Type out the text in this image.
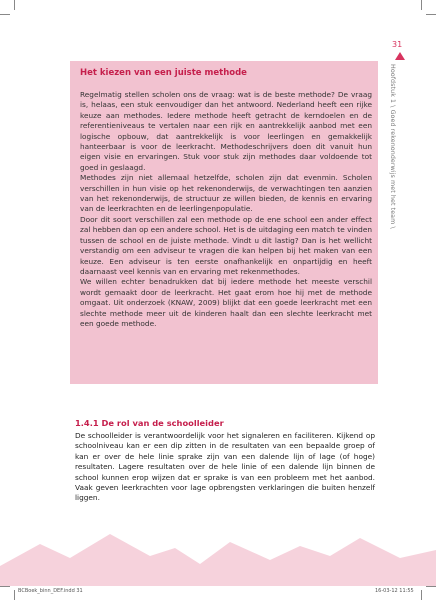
31
Hoofdstuk 1 \ Goed rekenonderwijs met het team \
Het kiezen van een juiste methode

Regelmatig stellen scholen ons de vraag: wat is de beste methode? De vraag is, helaas, een stuk eenvoudiger dan het antwoord. Nederland heeft een rijke keuze aan methodes. Iedere methode heeft getracht de kerndoelen en de referentieniveaus te vertalen naar een rijk en aantrekkelijk aanbod met een logische opbouw, dat aantrekkelijk is voor leerlingen en gemakkelijk hanteerbaar is voor de leerkracht. Methodeschrijvers doen dit vanuit hun eigen visie en ervaringen. Stuk voor stuk zijn methodes daar voldoende tot goed in geslaagd.

Methodes zijn niet allemaal hetzelfde, scholen zijn dat evenmin. Scholen verschillen in hun visie op het rekenonderwijs, de verwachtingen ten aanzien van het rekenonderwijs, de structuur ze willen bieden, de kennis en ervaring van de leerkrachten en de leerlingenpopulatie.

Door dit soort verschillen zal een methode op de ene school een ander effect zal hebben dan op een andere school. Het is de uitdaging een match te vinden tussen de school en de juiste methode. Vindt u dit lastig? Dan is het wellicht verstandig om een adviseur te vragen die kan helpen bij het maken van een keuze. Een adviseur is ten eerste onafhankelijk en onpartijdig en heeft daarnaast veel kennis van en ervaring met rekenmethodes.

We willen echter benadrukken dat bij iedere methode het meeste verschil wordt gemaakt door de leerkracht. Het gaat erom hoe hij met de methode omgaat. Uit onderzoek (KNAW, 2009) blijkt dat een goede leerkracht met een slechte methode meer uit de kinderen haalt dan een slechte leerkracht met een goede methode.

1.4.1 De rol van de schoolleider

De schoolleider is verantwoordelijk voor het signaleren en faciliteren. Kijkend op schoolniveau kan er een dip zitten in de resultaten van een bepaalde groep of kan er over de hele linie sprake zijn van een dalende lijn of lage (of hoge) resultaten. Lagere resultaten over de hele linie of een dalende lijn binnen de school kunnen erop wijzen dat er sprake is van een probleem met het aanbod. Vaak geven leerkrachten voor lage opbrengsten verklaringen die buiten henzelf liggen.

BCBoek_binn_DEF.indd 31	16-03-12 11:55
